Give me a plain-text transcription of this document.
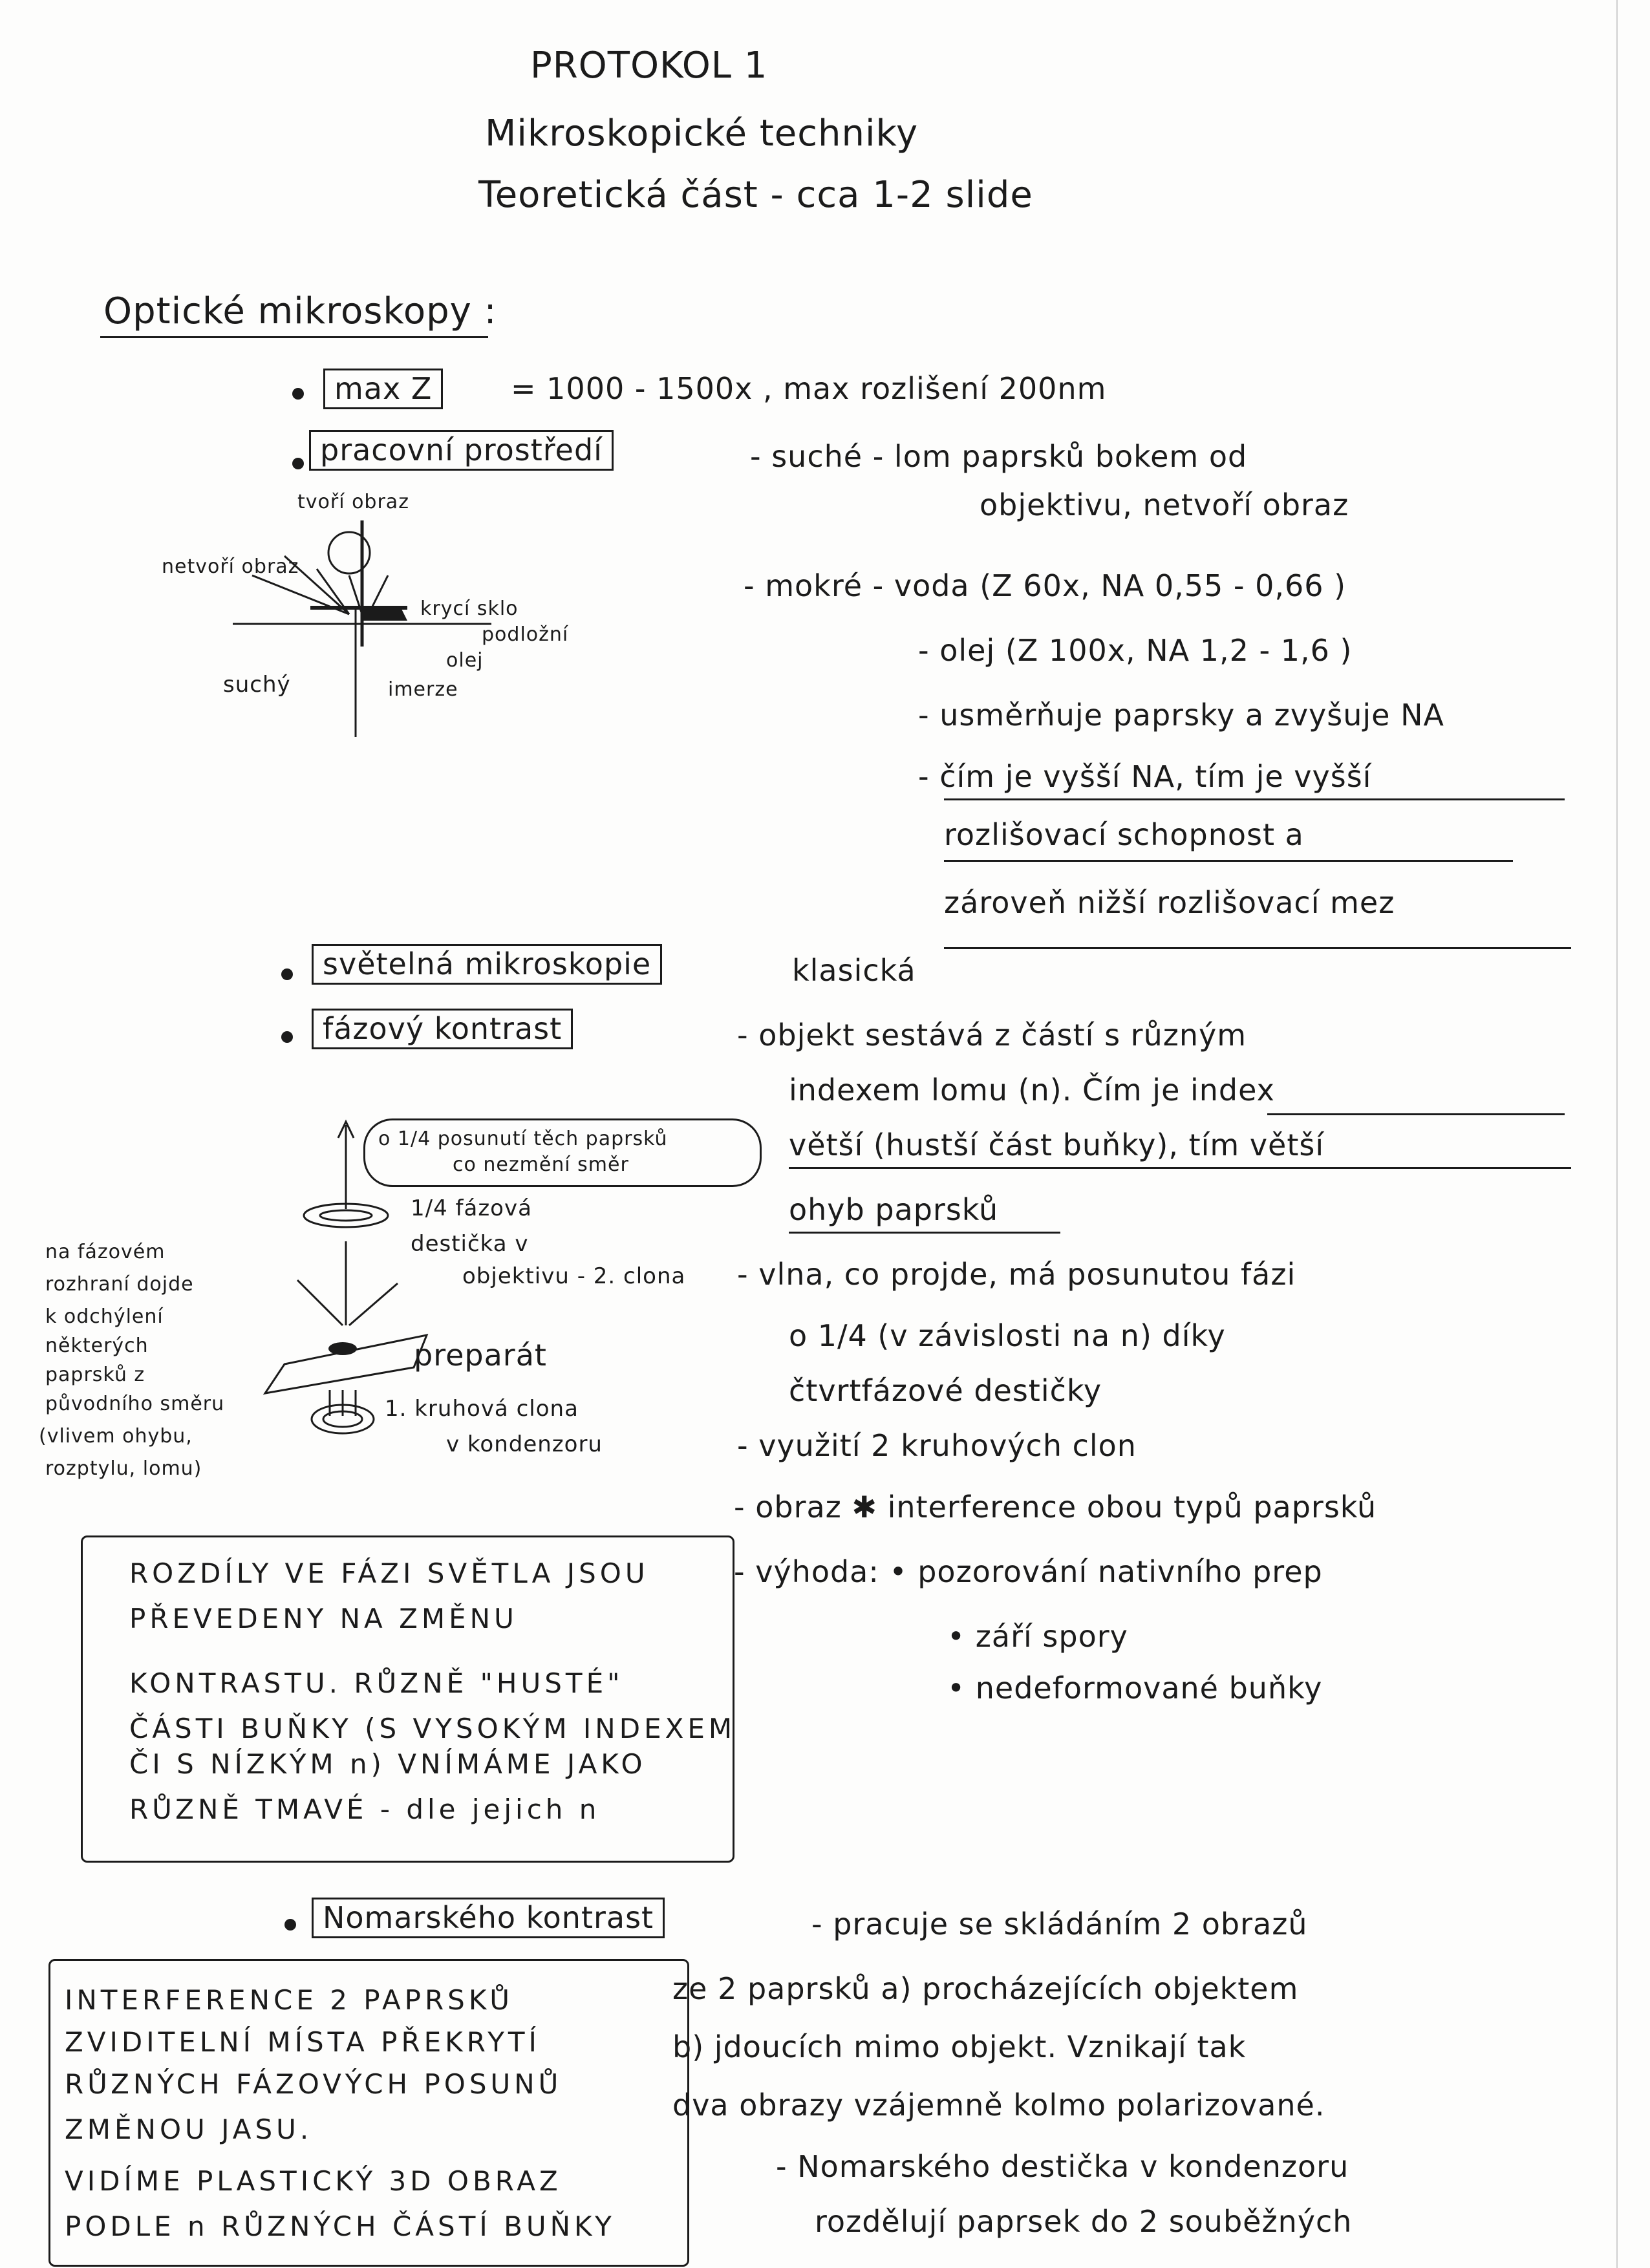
PROTOKOL 1
Mikroskopické techniky
Teoretická část - cca 1-2 slide
Optické mikroskopy :
max Z	= 1000 - 1500x , max rozlišení 200nm
pracovní prostředí	- suché - lom paprsků bokem od
objektivu, netvoří obraz
- mokré - voda (Z 60x, NA 0,55 - 0,66 )
- olej (Z 100x, NA 1,2 - 1,6 )
- usměrňuje paprsky a zvyšuje NA
- čím je vyšší NA, tím je vyšší
rozlišovací schopnost a
zároveň nižší rozlišovací mez
tvoří obraz
netvoří obraz
krycí sklo
podložní
olej
suchý	imerze
světelná mikroskopie	klasická
fázový kontrast	- objekt sestává z částí s různým
indexem lomu (n). Čím je index
větší (hustší část buňky), tím větší
ohyb paprsků
- vlna, co projde, má posunutou fázi
o 1/4 (v závislosti na n) díky
čtvrtfázové destičky
- využití 2 kruhových clon
- obraz ✱ interference obou typů paprsků
- výhoda: • pozorování nativního prep
• září spory
• nedeformované buňky
o 1/4 posunutí těch paprsků
co nezmění směr
1/4 fázová
destička v
objektivu - 2. clona
preparát
1. kruhová clona
v kondenzoru
na fázovém
rozhraní dojde
k odchýlení
některých
paprsků z
původního směru
(vlivem ohybu,
rozptylu, lomu)
ROZDÍLY VE FÁZI SVĚTLA JSOU
PŘEVEDENY NA ZMĚNU
KONTRASTU. RŮZNĚ "HUSTÉ"
ČÁSTI BUŇKY (S VYSOKÝM INDEXEM
ČI S NÍZKÝM n) VNÍMÁME JAKO
RŮZNĚ TMAVÉ - dle jejich n
Nomarského kontrast	- pracuje se skládáním 2 obrazů
ze 2 paprsků a) procházejících objektem
b) jdoucích mimo objekt. Vznikají tak
dva obrazy vzájemně kolmo polarizované.
- Nomarského destička v kondenzoru
rozdělují paprsek do 2 souběžných
INTERFERENCE 2 PAPRSKŮ
ZVIDITELNÍ MÍSTA PŘEKRYTÍ
RŮZNÝCH FÁZOVÝCH POSUNŮ
ZMĚNOU JASU.
VIDÍME PLASTICKÝ 3D OBRAZ
PODLE n RŮZNÝCH ČÁSTÍ BUŇKY
